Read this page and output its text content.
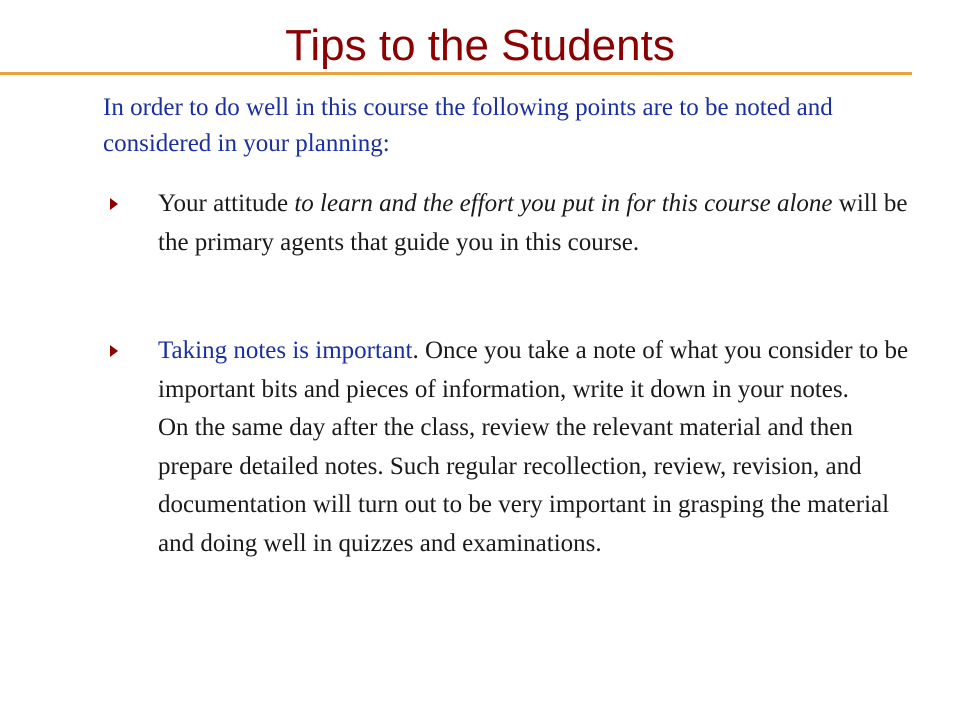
Tips to the Students

In order to do well in this course the following points are to be noted and considered in your planning:

Your attitude to learn and the effort you put in for this course alone will be the primary agents that guide you in this course.

Taking notes is important. Once you take a note of what you consider to be important bits and pieces of information, write it down in your notes.
On the same day after the class, review the relevant material and then prepare detailed notes. Such regular recollection, review, revision, and documentation will turn out to be very important in grasping the material and doing well in quizzes and examinations.
